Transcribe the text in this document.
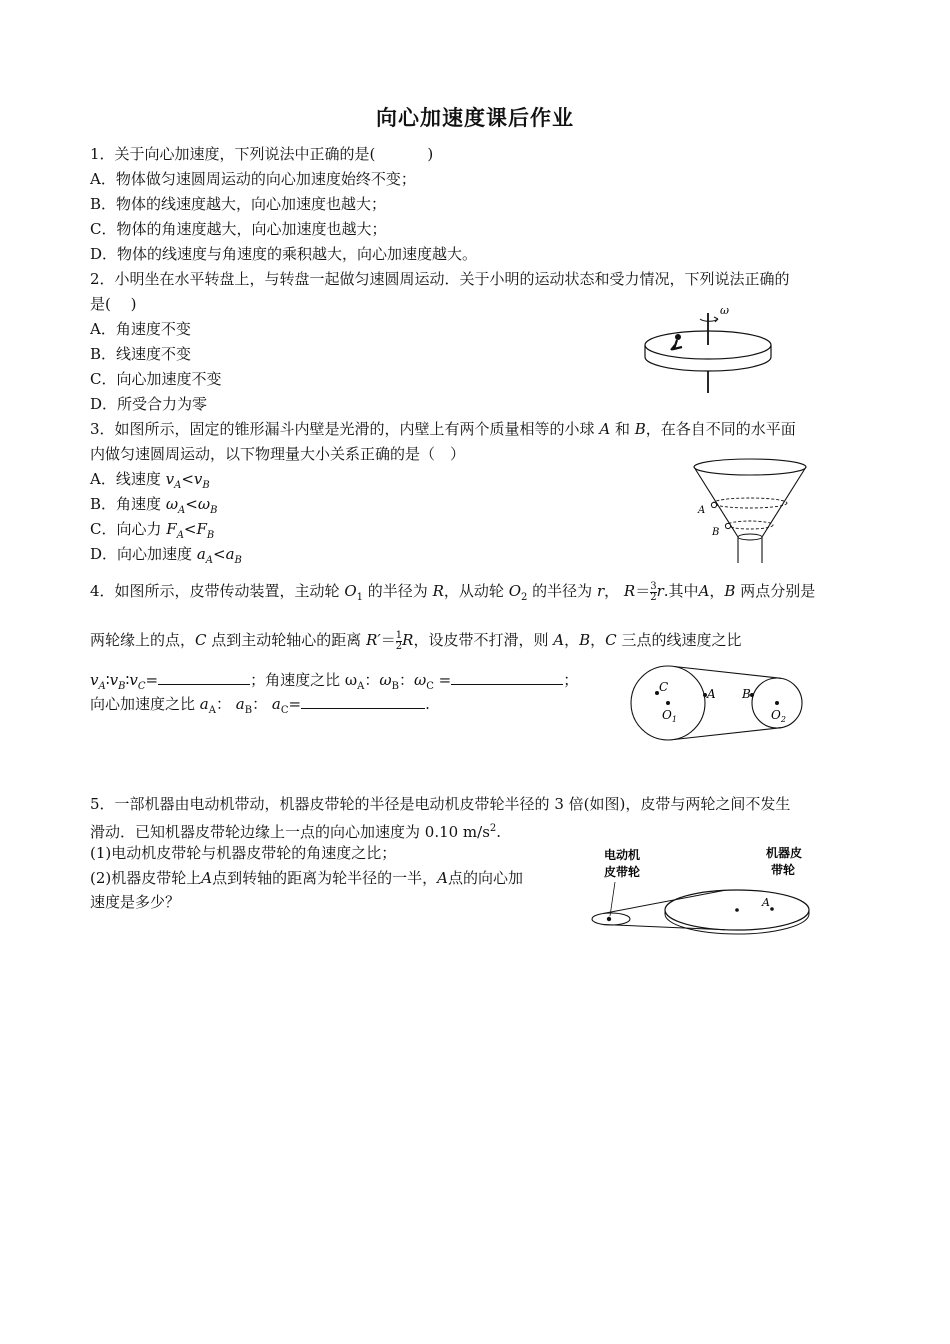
向心加速度课后作业
1．关于向心加速度，下列说法中正确的是(	)
A．物体做匀速圆周运动的向心加速度始终不变；
B．物体的线速度越大，向心加速度也越大；
C．物体的角速度越大，向心加速度也越大；
D．物体的线速度与角速度的乘积越大，向心加速度越大。
2．小明坐在水平转盘上，与转盘一起做匀速圆周运动．关于小明的运动状态和受力情况，下列说法正确的
是(　 )
A．角速度不变
B．线速度不变
C．向心加速度不变
D．所受合力为零
ω
3．如图所示，固定的锥形漏斗内壁是光滑的，内壁上有两个质量相等的小球 A 和 B，在各自不同的水平面
内做匀速圆周运动，以下物理量大小关系正确的是（　）
A．线速度 $v_A<v_B$
B．角速度 $\omega_A<\omega_B$
C．向心力 $F_A<F_B$
D．向心加速度 $a_A<a_B$
A
B
4．如图所示，皮带传动装置，主动轮 $O_1$ 的半径为 R，从动轮 $O_2$ 的半径为 r， $R= \frac{3}{2} r$.其中A，B 两点分别是
两轮缘上的点，C 点到主动轮轴心的距离 $R'= \frac{1}{2}$ R，设皮带不打滑，则 A，B，C 三点的线速度之比
$v_A∶v_B∶v_C=$	；角速度之比 $\omega_A$：$\omega_B$：$\omega_C$ =	；
向心加速度之比 $a_A$： $a_B$： $a_C=$	.
C	A B
$O_1$	$O_2$
5．一部机器由电动机带动，机器皮带轮的半径是电动机皮带轮半径的 3 倍(如图)，皮带与两轮之间不发生
滑动．已知机器皮带轮边缘上一点的向心加速度为 0.10 $m/s^2$.
(1)电动机皮带轮与机器皮带轮的角速度之比；
(2)机器皮带轮上A点到转轴的距离为轮半径的一半，A点的向心加
速度是多少？	A
电动机
皮带轮
机器皮
带轮
